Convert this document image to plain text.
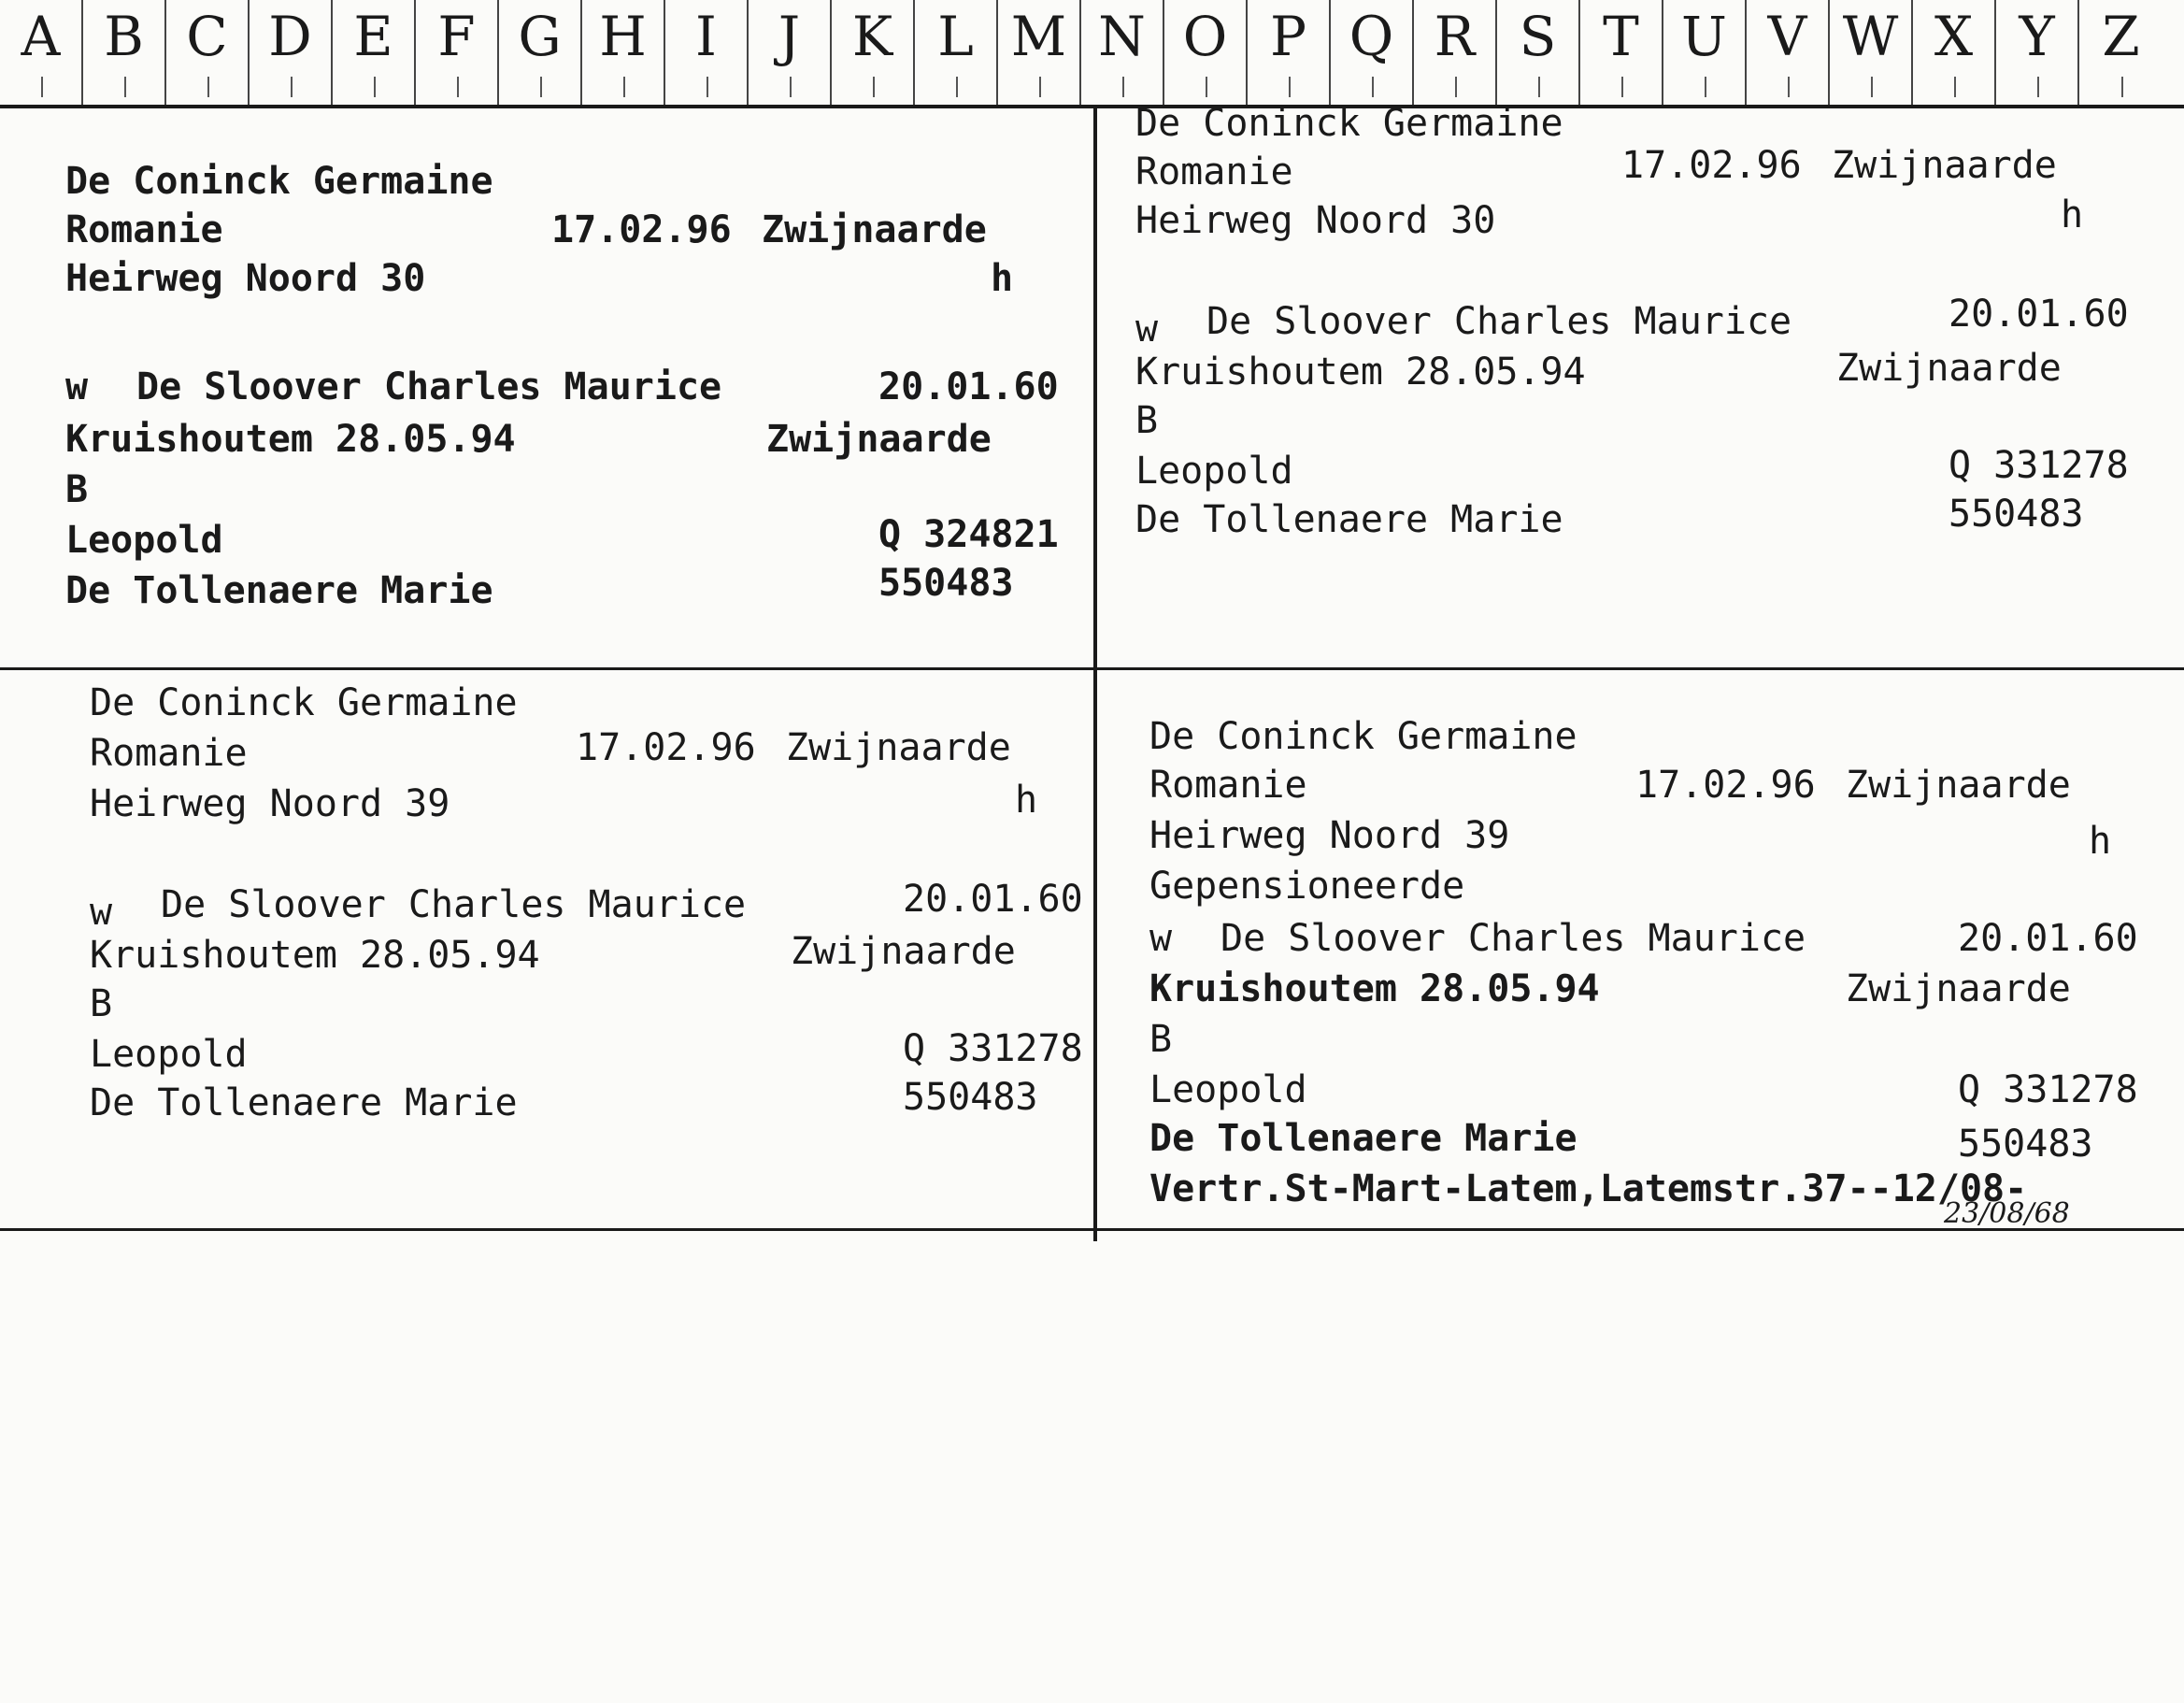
A B C D E F G H I	J K L M N O P Q R S T U V W X Y Z

De Coninck Germaine

Romanie

	17.02.96

Zwijnaarde

Heirweg Noord 30

	h

w

De Sloover Charles Maurice

	20.01.60

Kruishoutem 28.05.94

	Zwijnaarde

B

Leopold

	Q 324821

De Tollenaere Marie

	550483

De Coninck Germaine

Romanie

	17.02.96

Zwijnaarde

Heirweg Noord 30

	h

w

De Sloover Charles Maurice

	20.01.60

Kruishoutem 28.05.94

	Zwijnaarde

B

Leopold

	Q 331278

De Tollenaere Marie

	550483

De Coninck Germaine

Romanie

	17.02.96

Zwijnaarde

Heirweg Noord 39

	h

w

De Sloover Charles Maurice

	20.01.60

Kruishoutem 28.05.94

	Zwijnaarde

B

Leopold

	Q 331278

De Tollenaere Marie

	550483

De Coninck Germaine

Romanie

	17.02.96

Zwijnaarde

Heirweg Noord 39

	h

Gepensioneerde

w

De Sloover Charles Maurice

	20.01.60

Kruishoutem 28.05.94

	Zwijnaarde

B

Leopold

	Q 331278

De Tollenaere Marie

	550483

Vertr.St-Mart-Latem,Latemstr.37--12/08-

23/08/68
